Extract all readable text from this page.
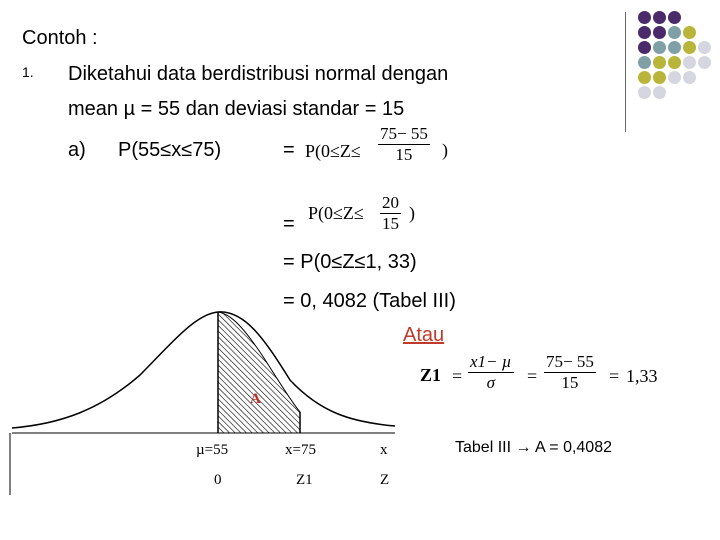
Contoh :
1. Diketahui data berdistribusi normal dengan
mean µ = 55 dan deviasi standar = 15
a) P(55≤x≤75)	= $P(0\le Z\le \frac{75- 55}{15}$ )
= $P(0\le Z\le \frac{20}{15}$ )
= P(0≤Z≤1, 33)
= 0, 4082 (Tabel III)
Atau
Z1 =
x1− µ
σ	= $\frac{75- 55}{15} = 1,33$
A
µ=55	x=75	x
0	Z1	Z
Tabel III → A = 0,4082
